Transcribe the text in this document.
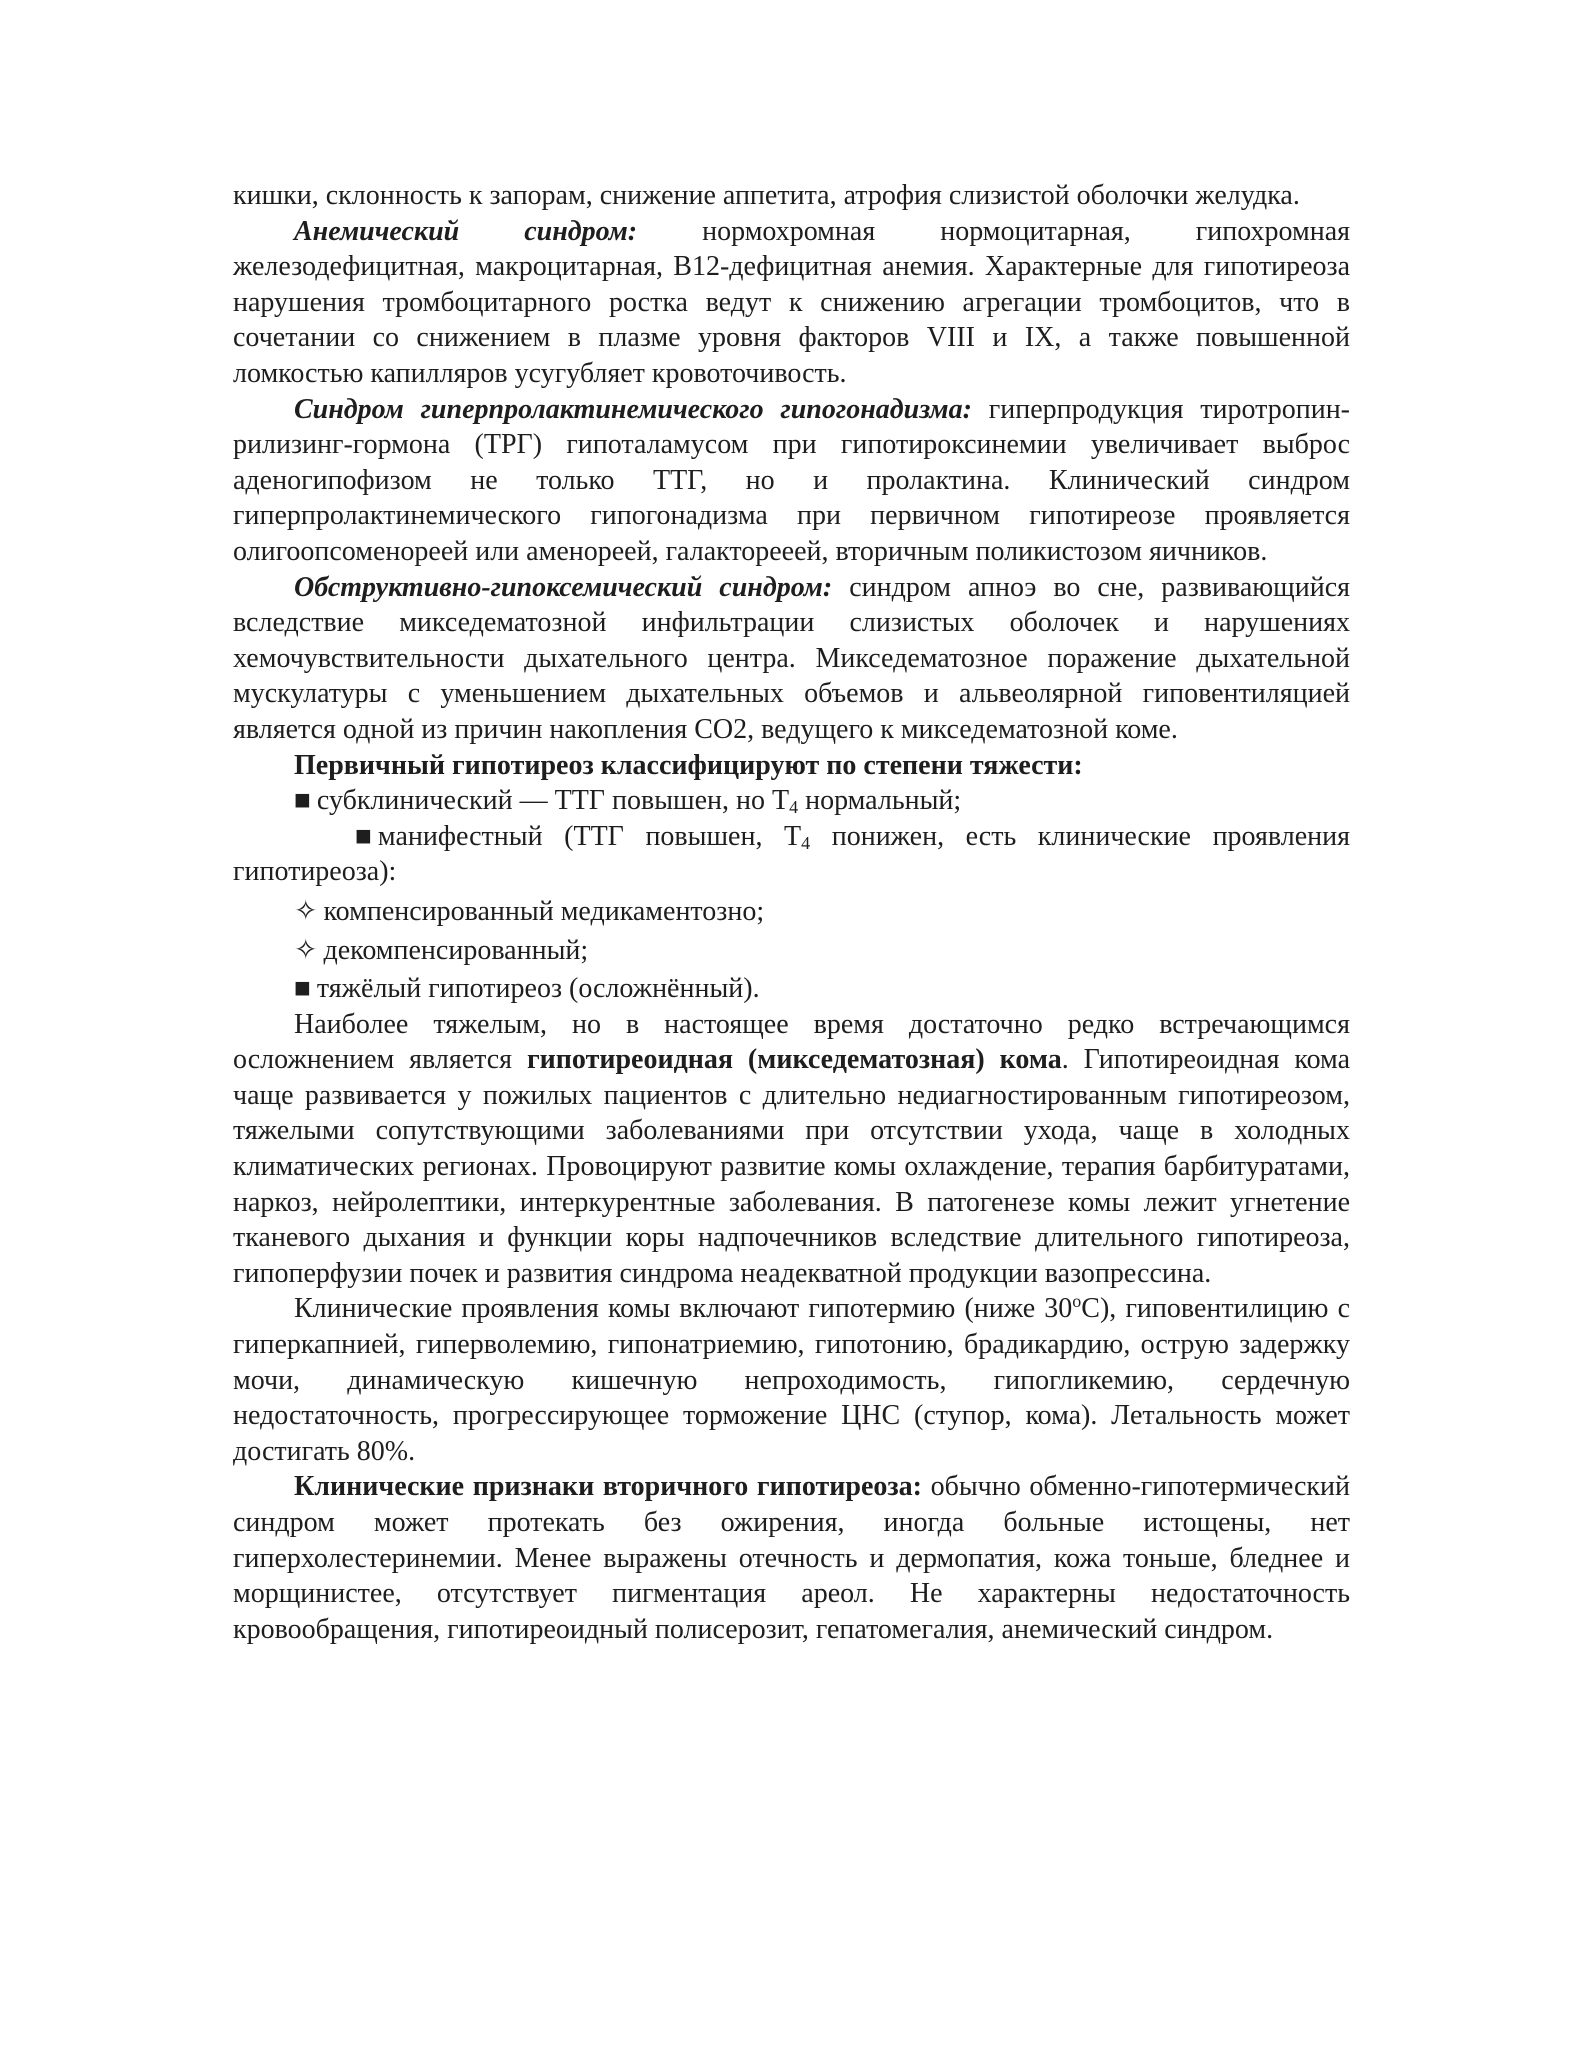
кишки, склонность к запорам, снижение аппетита, атрофия слизистой оболочки желудка.

Анемический синдром: нормохромная нормоцитарная, гипохромная железодефицитная, макроцитарная, В12-дефицитная анемия. Характерные для гипотиреоза нарушения тромбоцитарного ростка ведут к снижению агрегации тромбоцитов, что в сочетании со снижением в плазме уровня факторов VIII и IX, а также повышенной ломкостью капилляров усугубляет кровоточивость.

Синдром гиперпролактинемического гипогонадизма: гиперпродукция тиротропин-рилизинг-гормона (ТРГ) гипоталамусом при гипотироксинемии увеличивает выброс аденогипофизом не только ТТГ, но и пролактина. Клинический синдром гиперпролактинемического гипогонадизма при первичном гипотиреозе проявляется олигоопсоменореей или аменореей, галакторееей, вторичным поликистозом яичников.

Обструктивно-гипоксемический синдром: синдром апноэ во сне, развивающийся вследствие микседематозной инфильтрации слизистых оболочек и нарушениях хемочувствительности дыхательного центра. Микседематозное поражение дыхательной мускулатуры с уменьшением дыхательных объемов и альвеолярной гиповентиляцией является одной из причин накопления СО2, ведущего к микседематозной коме.

Первичный гипотиреоз классифицируют по степени тяжести:

■ субклинический — ТТГ повышен, но $Т_4$ нормальный;

■ манифестный (ТТГ повышен, $Т_4$ понижен, есть клинические проявления гипотиреоза):

✧ компенсированный медикаментозно;

✧ декомпенсированный;

■ тяжёлый гипотиреоз (осложнённый).

Наиболее тяжелым, но в настоящее время достаточно редко встречающимся осложнением является гипотиреоидная (микседематозная) кома. Гипотиреоидная кома чаще развивается у пожилых пациентов с длительно недиагностированным гипотиреозом, тяжелыми сопутствующими заболеваниями при отсутствии ухода, чаще в холодных климатических регионах. Провоцируют развитие комы охлаждение, терапия барбитуратами, наркоз, нейролептики, интеркурентные заболевания. В патогенезе комы лежит угнетение тканевого дыхания и функции коры надпочечников вследствие длительного гипотиреоза, гипоперфузии почек и развития синдрома неадекватной продукции вазопрессина.

Клинические проявления комы включают гипотермию (ниже $30^оС$), гиповентилицию с гиперкапнией, гиперволемию, гипонатриемию, гипотонию, брадикардию, острую задержку мочи, динамическую кишечную непроходимость, гипогликемию, сердечную недостаточность, прогрессирующее торможение ЦНС (ступор, кома). Летальность может достигать 80%.

Клинические признаки вторичного гипотиреоза: обычно обменно-гипотермический синдром может протекать без ожирения, иногда больные истощены, нет гиперхолестеринемии. Менее выражены отечность и дермопатия, кожа тоньше, бледнее и морщинистее, отсутствует пигментация ареол. Не характерны недостаточность кровообращения, гипотиреоидный полисерозит, гепатомегалия, анемический синдром.
